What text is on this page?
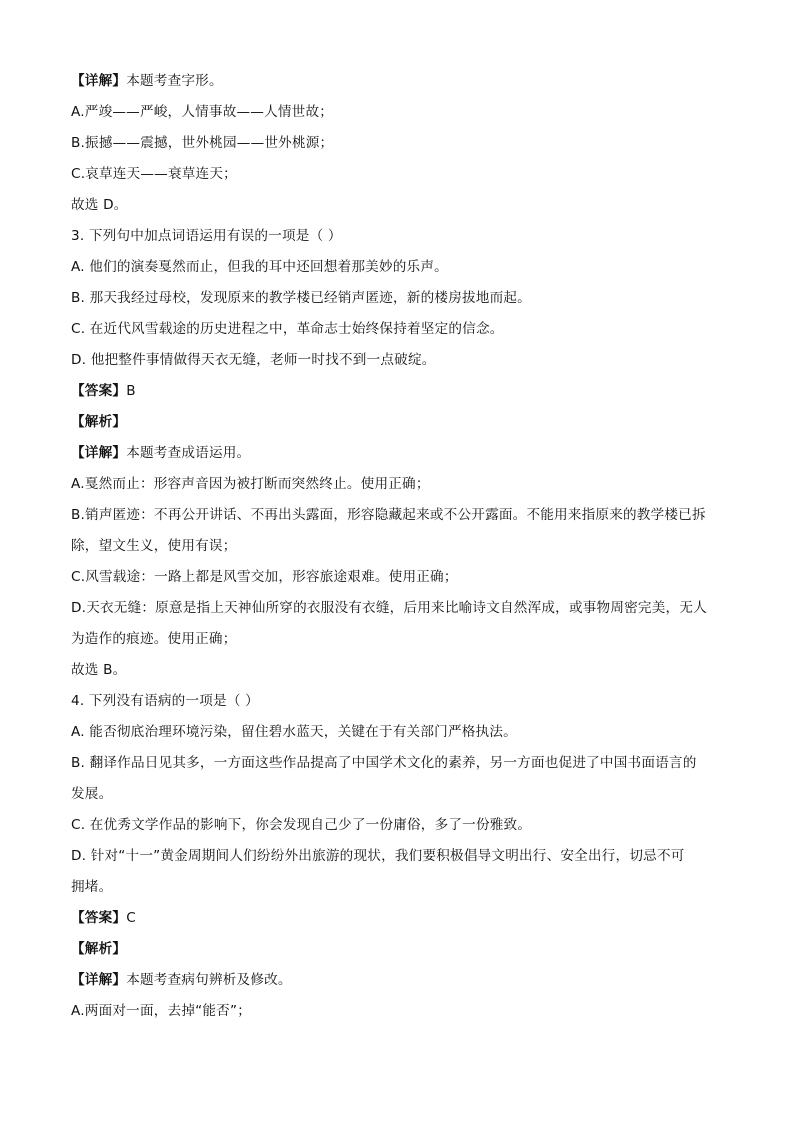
【详解】本题考查字形。
A.严竣——严峻，人情事故——人情世故；
B.振撼——震撼，世外桃园——世外桃源；
C.哀草连天——衰草连天；
故选 D。
3. 下列句中加点词语运用有误的一项是（ ）
A. 他们的演奏戛然而止，但我的耳中还回想着那美妙的乐声。
B. 那天我经过母校，发现原来的教学楼已经销声匿迹，新的楼房拔地而起。
C. 在近代风雪载途的历史进程之中，革命志士始终保持着坚定的信念。
D. 他把整件事情做得天衣无缝，老师一时找不到一点破绽。
【答案】B
【解析】
【详解】本题考查成语运用。
A.戛然而止：形容声音因为被打断而突然终止。使用正确；
B.销声匿迹：不再公开讲话、不再出头露面，形容隐藏起来或不公开露面。不能用来指原来的教学楼已拆
除，望文生义，使用有误；
C.风雪载途：一路上都是风雪交加，形容旅途艰难。使用正确；
D.天衣无缝：原意是指上天神仙所穿的衣服没有衣缝，后用来比喻诗文自然浑成，或事物周密完美，无人
为造作的痕迹。使用正确；
故选 B。
4. 下列没有语病的一项是（ ）
A. 能否彻底治理环境污染，留住碧水蓝天，关键在于有关部门严格执法。
B. 翻译作品日见其多，一方面这些作品提高了中国学术文化的素养，另一方面也促进了中国书面语言的
发展。
C. 在优秀文学作品的影响下，你会发现自己少了一份庸俗，多了一份雅致。
D. 针对“十一”黄金周期间人们纷纷外出旅游的现状，我们要积极倡导文明出行、安全出行，切忌不可
拥堵。
【答案】C
【解析】
【详解】本题考查病句辨析及修改。
A.两面对一面，去掉“能否”；
